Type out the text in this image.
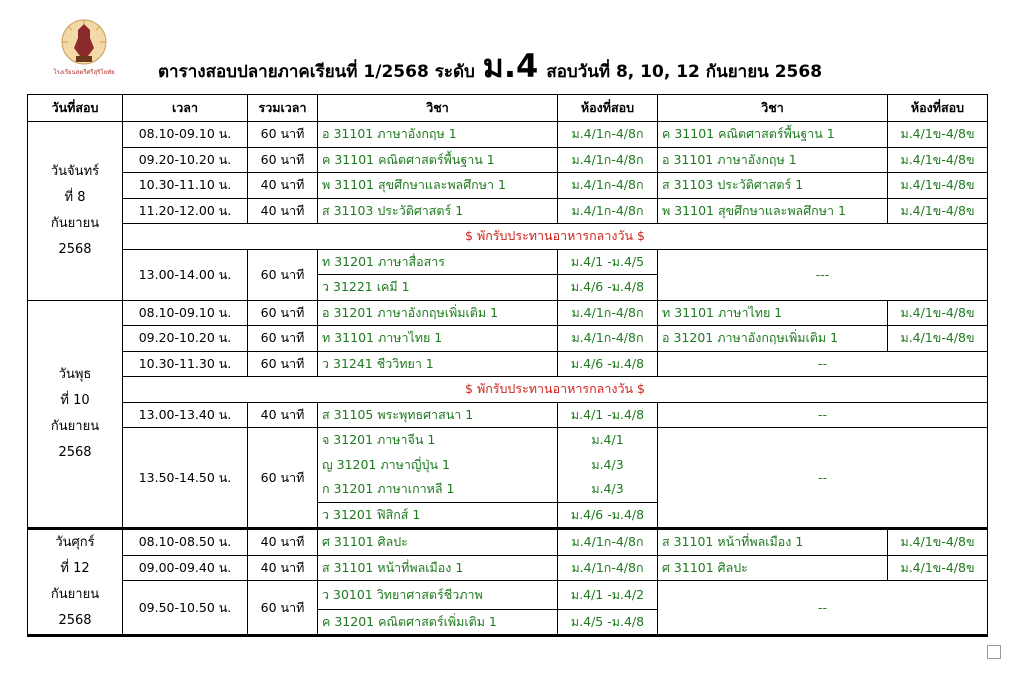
โรงเรียนสตรีศรีสุริโยทัย	ตารางสอบปลายภาคเรียนที่ 1/2568 ระดับ ม.4 สอบวันที่ 8, 10, 12 กันยายน 2568
วันที่สอบ	เวลา	รวมเวลา	วิชา	ห้องที่สอบ	วิชา	ห้องที่สอบ

วันจันทร์
ที่ 8
กันยายน
2568	08.10-09.10 น.	60 นาที	อ 31101 ภาษาอังกฤษ 1	ม.4/1ก-4/8ก	ค 31101 คณิตศาสตร์พื้นฐาน 1	ม.4/1ข-4/8ข
	09.20-10.20 น.	60 นาที	ค 31101 คณิตศาสตร์พื้นฐาน 1	ม.4/1ก-4/8ก	อ 31101 ภาษาอังกฤษ 1	ม.4/1ข-4/8ข
	10.30-11.10 น.	40 นาที	พ 31101 สุขศึกษาและพลศึกษา 1	ม.4/1ก-4/8ก	ส 31103 ประวัติศาสตร์ 1	ม.4/1ข-4/8ข
	11.20-12.00 น.	40 นาที	ส 31103 ประวัติศาสตร์ 1	ม.4/1ก-4/8ก	พ 31101 สุขศึกษาและพลศึกษา 1	ม.4/1ข-4/8ข
	$ พักรับประทานอาหารกลางวัน $					
	13.00-14.00 น.	60 นาที	ท 31201 ภาษาสื่อสาร	ม.4/1 -ม.4/5	---	
			ว 31221 เคมี 1	ม.4/6 -ม.4/8		

วันพุธ
ที่ 10
กันยายน
2568	08.10-09.10 น.	60 นาที	อ 31201 ภาษาอังกฤษเพิ่มเติม 1	ม.4/1ก-4/8ก	ท 31101 ภาษาไทย 1	ม.4/1ข-4/8ข
	09.20-10.20 น.	60 นาที	ท 31101 ภาษาไทย 1	ม.4/1ก-4/8ก	อ 31201 ภาษาอังกฤษเพิ่มเติม 1	ม.4/1ข-4/8ข
	10.30-11.30 น.	60 นาที	ว 31241 ชีววิทยา 1	ม.4/6 -ม.4/8	--	
	$ พักรับประทานอาหารกลางวัน $					
	13.00-13.40 น.	40 นาที	ส 31105 พระพุทธศาสนา 1	ม.4/1 -ม.4/8	--	
	13.50-14.50 น.	60 นาที	จ 31201 ภาษาจีน 1	ม.4/1	--	
			ญ 31201 ภาษาญี่ปุ่น 1	ม.4/3		
			ก 31201 ภาษาเกาหลี 1	ม.4/3		
			ว 31201 ฟิสิกส์ 1	ม.4/6 -ม.4/8		

วันศุกร์
ที่ 12
กันยายน
2568	08.10-08.50 น.	40 นาที	ศ 31101 ศิลปะ	ม.4/1ก-4/8ก	ส 31101 หน้าที่พลเมือง 1	ม.4/1ข-4/8ข
	09.00-09.40 น.	40 นาที	ส 31101 หน้าที่พลเมือง 1	ม.4/1ก-4/8ก	ศ 31101 ศิลปะ	ม.4/1ข-4/8ข
	09.50-10.50 น.	60 นาที	ว 30101 วิทยาศาสตร์ชีวภาพ	ม.4/1 -ม.4/2	--	
			ค 31201 คณิตศาสตร์เพิ่มเติม 1	ม.4/5 -ม.4/8		
